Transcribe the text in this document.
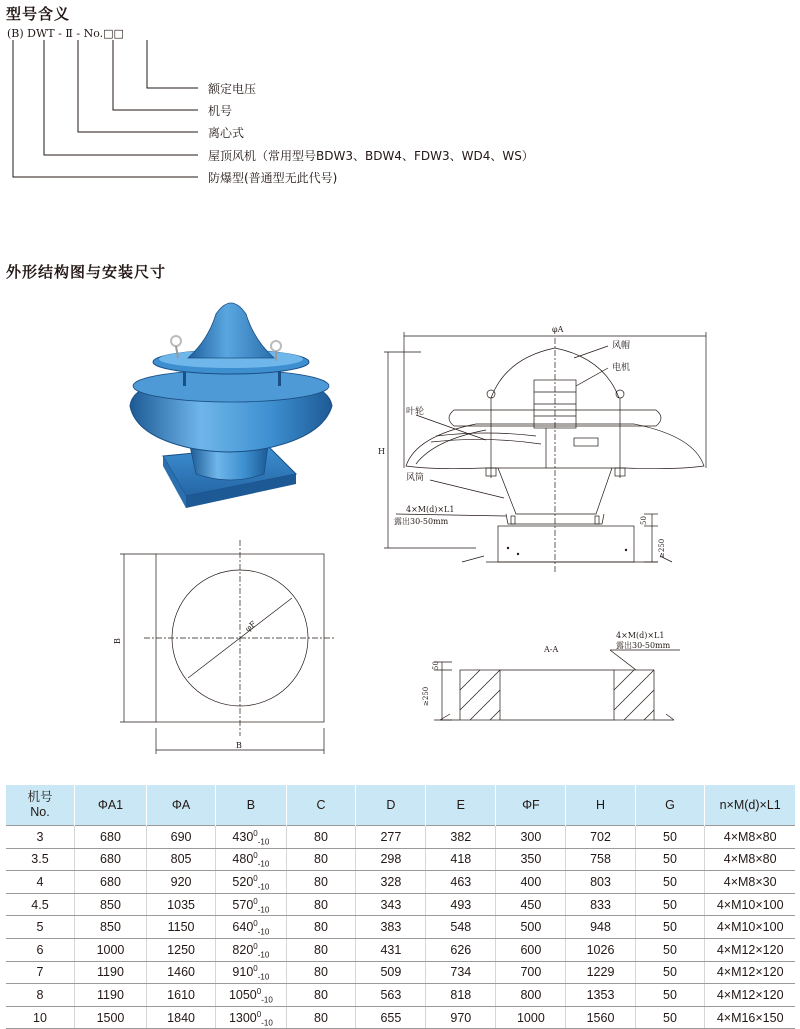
型号含义
(B) DWT - Ⅱ - No.□□
额定电压
机号
离心式
屋顶风机（常用型号BDW3、BDW4、FDW3、WD4、WS）
防爆型(普通型无此代号)
外形结构图与安装尺寸
φA
H
风帽
电机
叶轮
风筒
4×M(d)×L1
露出30-50mm	50
≥250
φF
B
B
A-A
4×M(d)×L1
露出30-50mm
50
≥250
机号
No.	ΦA1	ΦA	B	C	D	E	ΦF	H	G	n×M(d)×L1
3	680	690	$430^0_{-10}$	80	277	382	300	702	50	4×M8×80
3.5	680	805	$480^0_{-10}$	80	298	418	350	758	50	4×M8×80
4	680	920	$520^0_{-10}$	80	328	463	400	803	50	4×M8×30
4.5	850	1035	$570^0_{-10}$	80	343	493	450	833	50	4×M10×100
5	850	1150	$640^0_{-10}$	80	383	548	500	948	50	4×M10×100
6	1000	1250	$820^0_{-10}$	80	431	626	600	1026	50	4×M12×120
7	1190	1460	$910^0_{-10}$	80	509	734	700	1229	50	4×M12×120
8	1190	1610	$1050^0_{-10}$	80	563	818	800	1353	50	4×M12×120
10	1500	1840	$1300^0_{-10}$	80	655	970	1000	1560	50	4×M16×150
